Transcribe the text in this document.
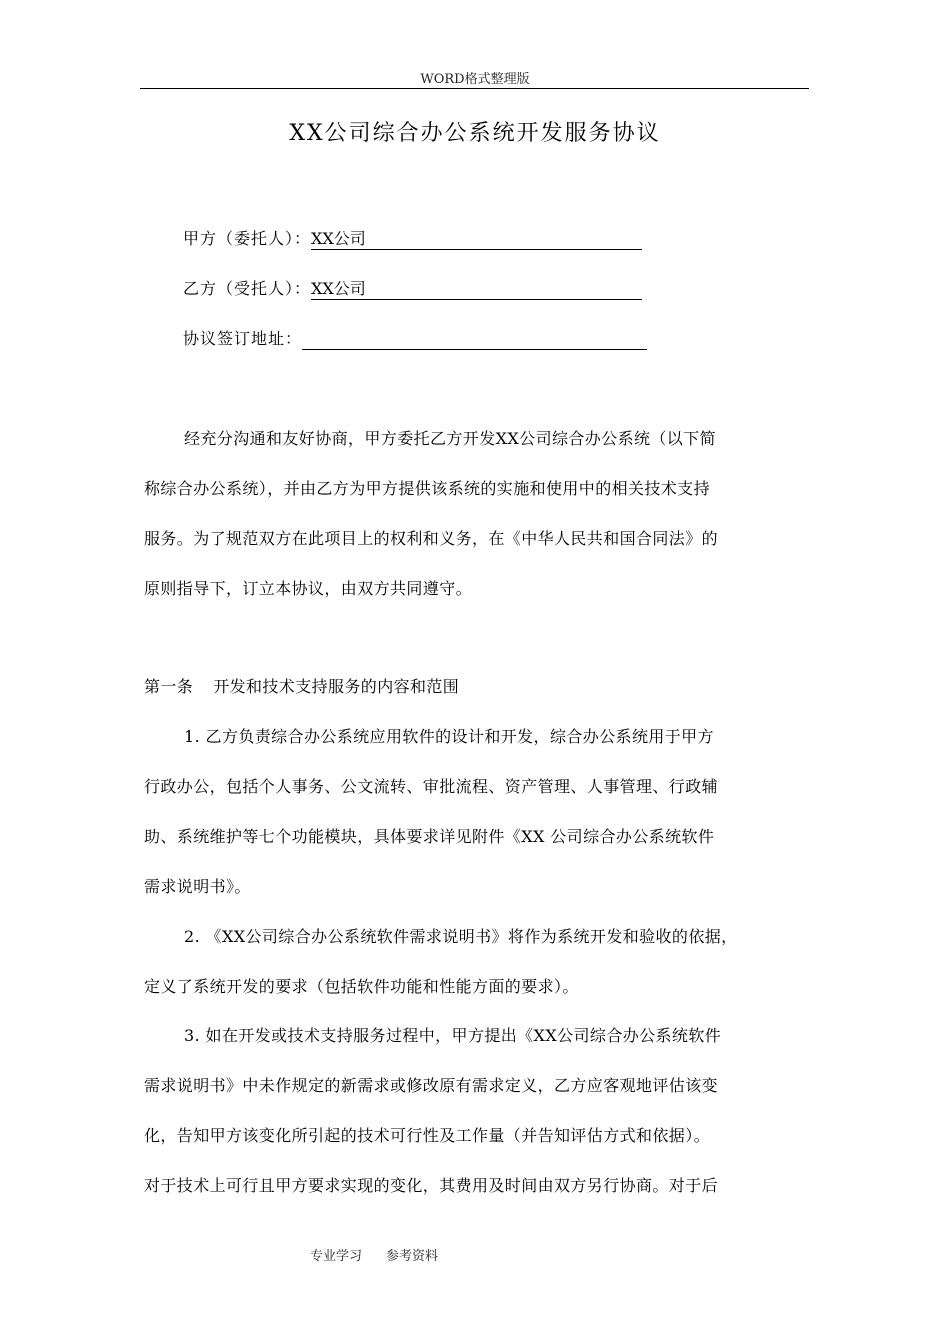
WORD格式整理版
XX公司综合办公系统开发服务协议
甲方（委托人）：XX公司
乙方（受托人）：XX公司
协议签订地址：
经充分沟通和友好协商，甲方委托乙方开发XX公司综合办公系统（以下简
称综合办公系统），并由乙方为甲方提供该系统的实施和使用中的相关技术支持
服务。为了规范双方在此项目上的权利和义务，在《中华人民共和国合同法》的
原则指导下，订立本协议，由双方共同遵守。
第一条 开发和技术支持服务的内容和范围
1. 乙方负责综合办公系统应用软件的设计和开发，综合办公系统用于甲方
行政办公，包括个人事务、公文流转、审批流程、资产管理、人事管理、行政辅
助、系统维护等七个功能模块，具体要求详见附件《XX 公司综合办公系统软件
需求说明书》。
2. 《XX公司综合办公系统软件需求说明书》将作为系统开发和验收的依据，
定义了系统开发的要求（包括软件功能和性能方面的要求）。
3. 如在开发或技术支持服务过程中，甲方提出《XX公司综合办公系统软件
需求说明书》中未作规定的新需求或修改原有需求定义，乙方应客观地评估该变
化，告知甲方该变化所引起的技术可行性及工作量（并告知评估方式和依据）。
对于技术上可行且甲方要求实现的变化，其费用及时间由双方另行协商。对于后
专业学习 参考资料
